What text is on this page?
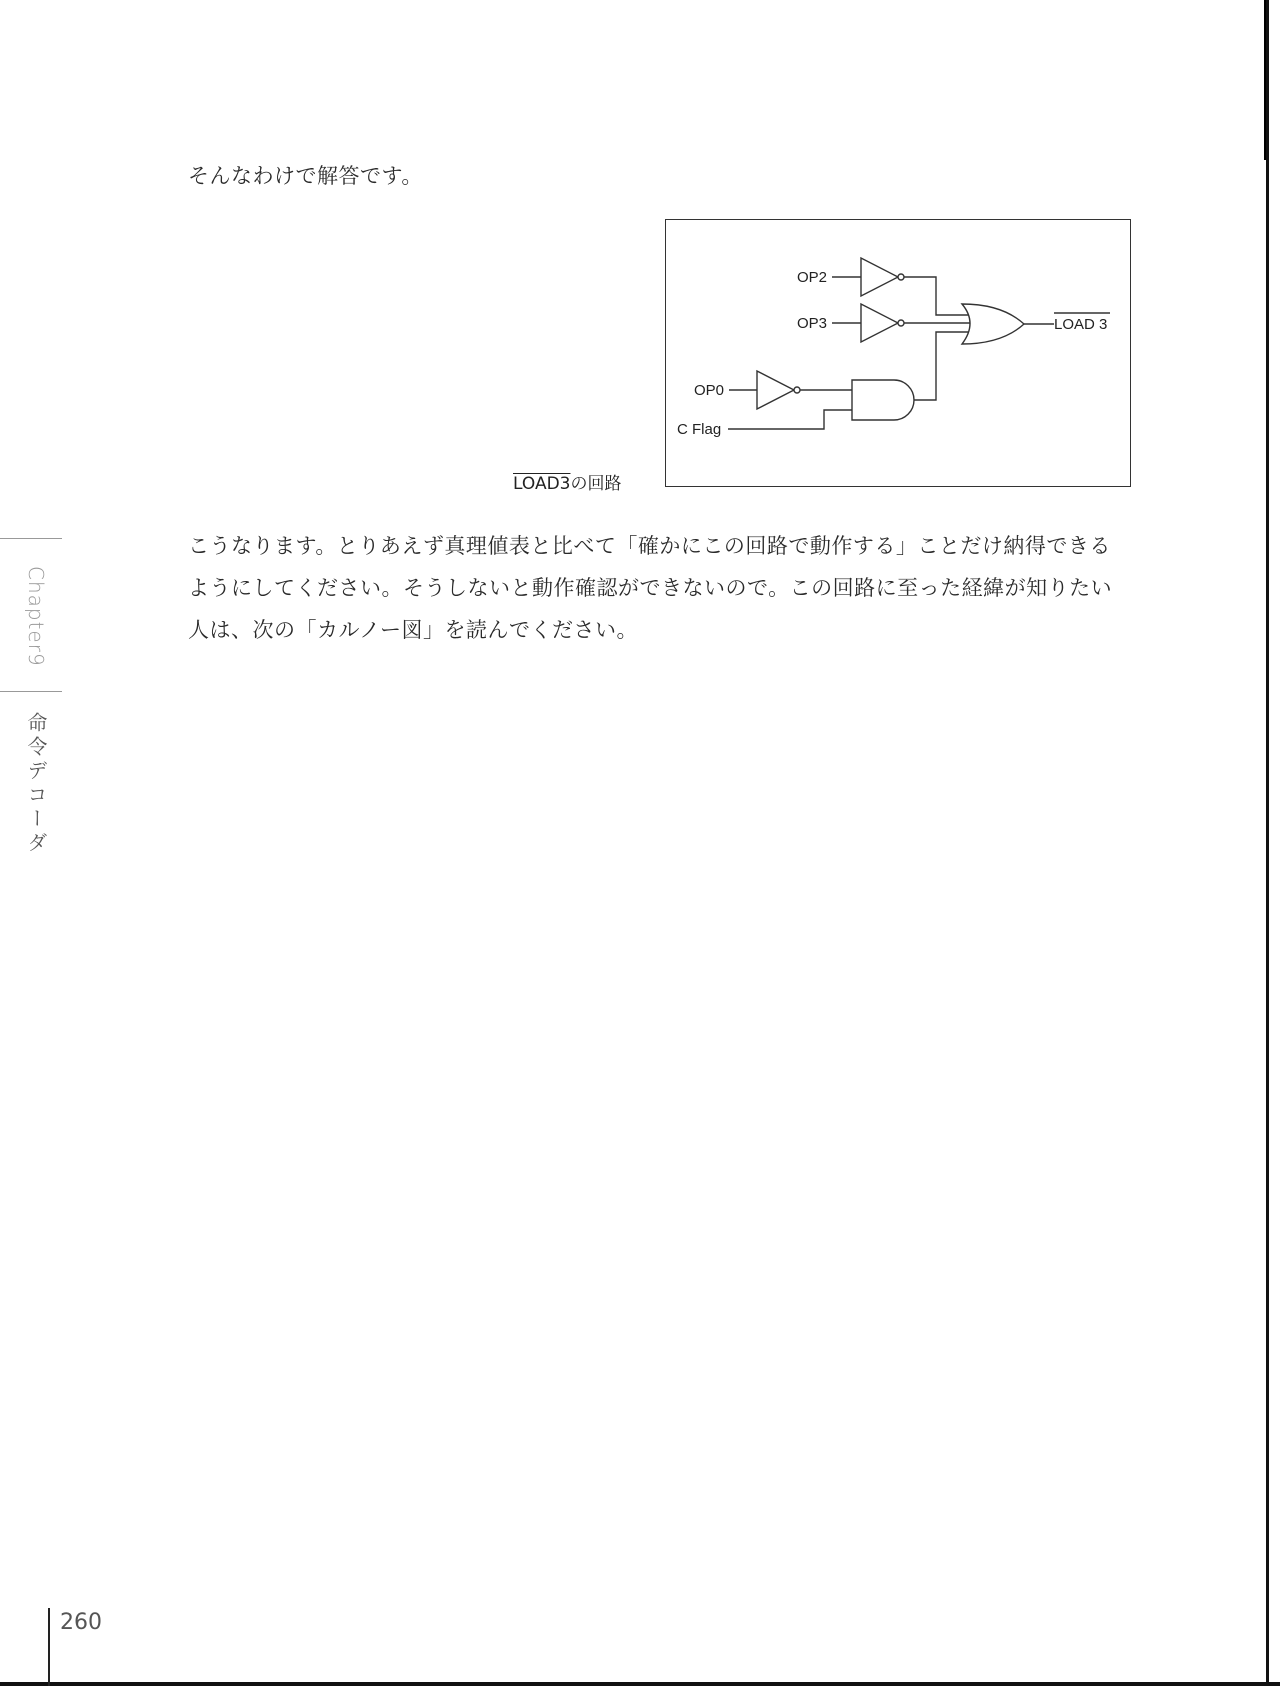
そんなわけで解答です。

OP2
OP3	LOAD 3
OP0
C Flag
LOAD3の回路

こうなります。とりあえず真理値表と比べて「確かにこの回路で動作する」ことだけ納得できる
ようにしてください。そうしないと動作確認ができないので。この回路に至った経緯が知りたい
人は、次の「カルノー図」を読んでください。

Chapter9
命令デコーダ
260
